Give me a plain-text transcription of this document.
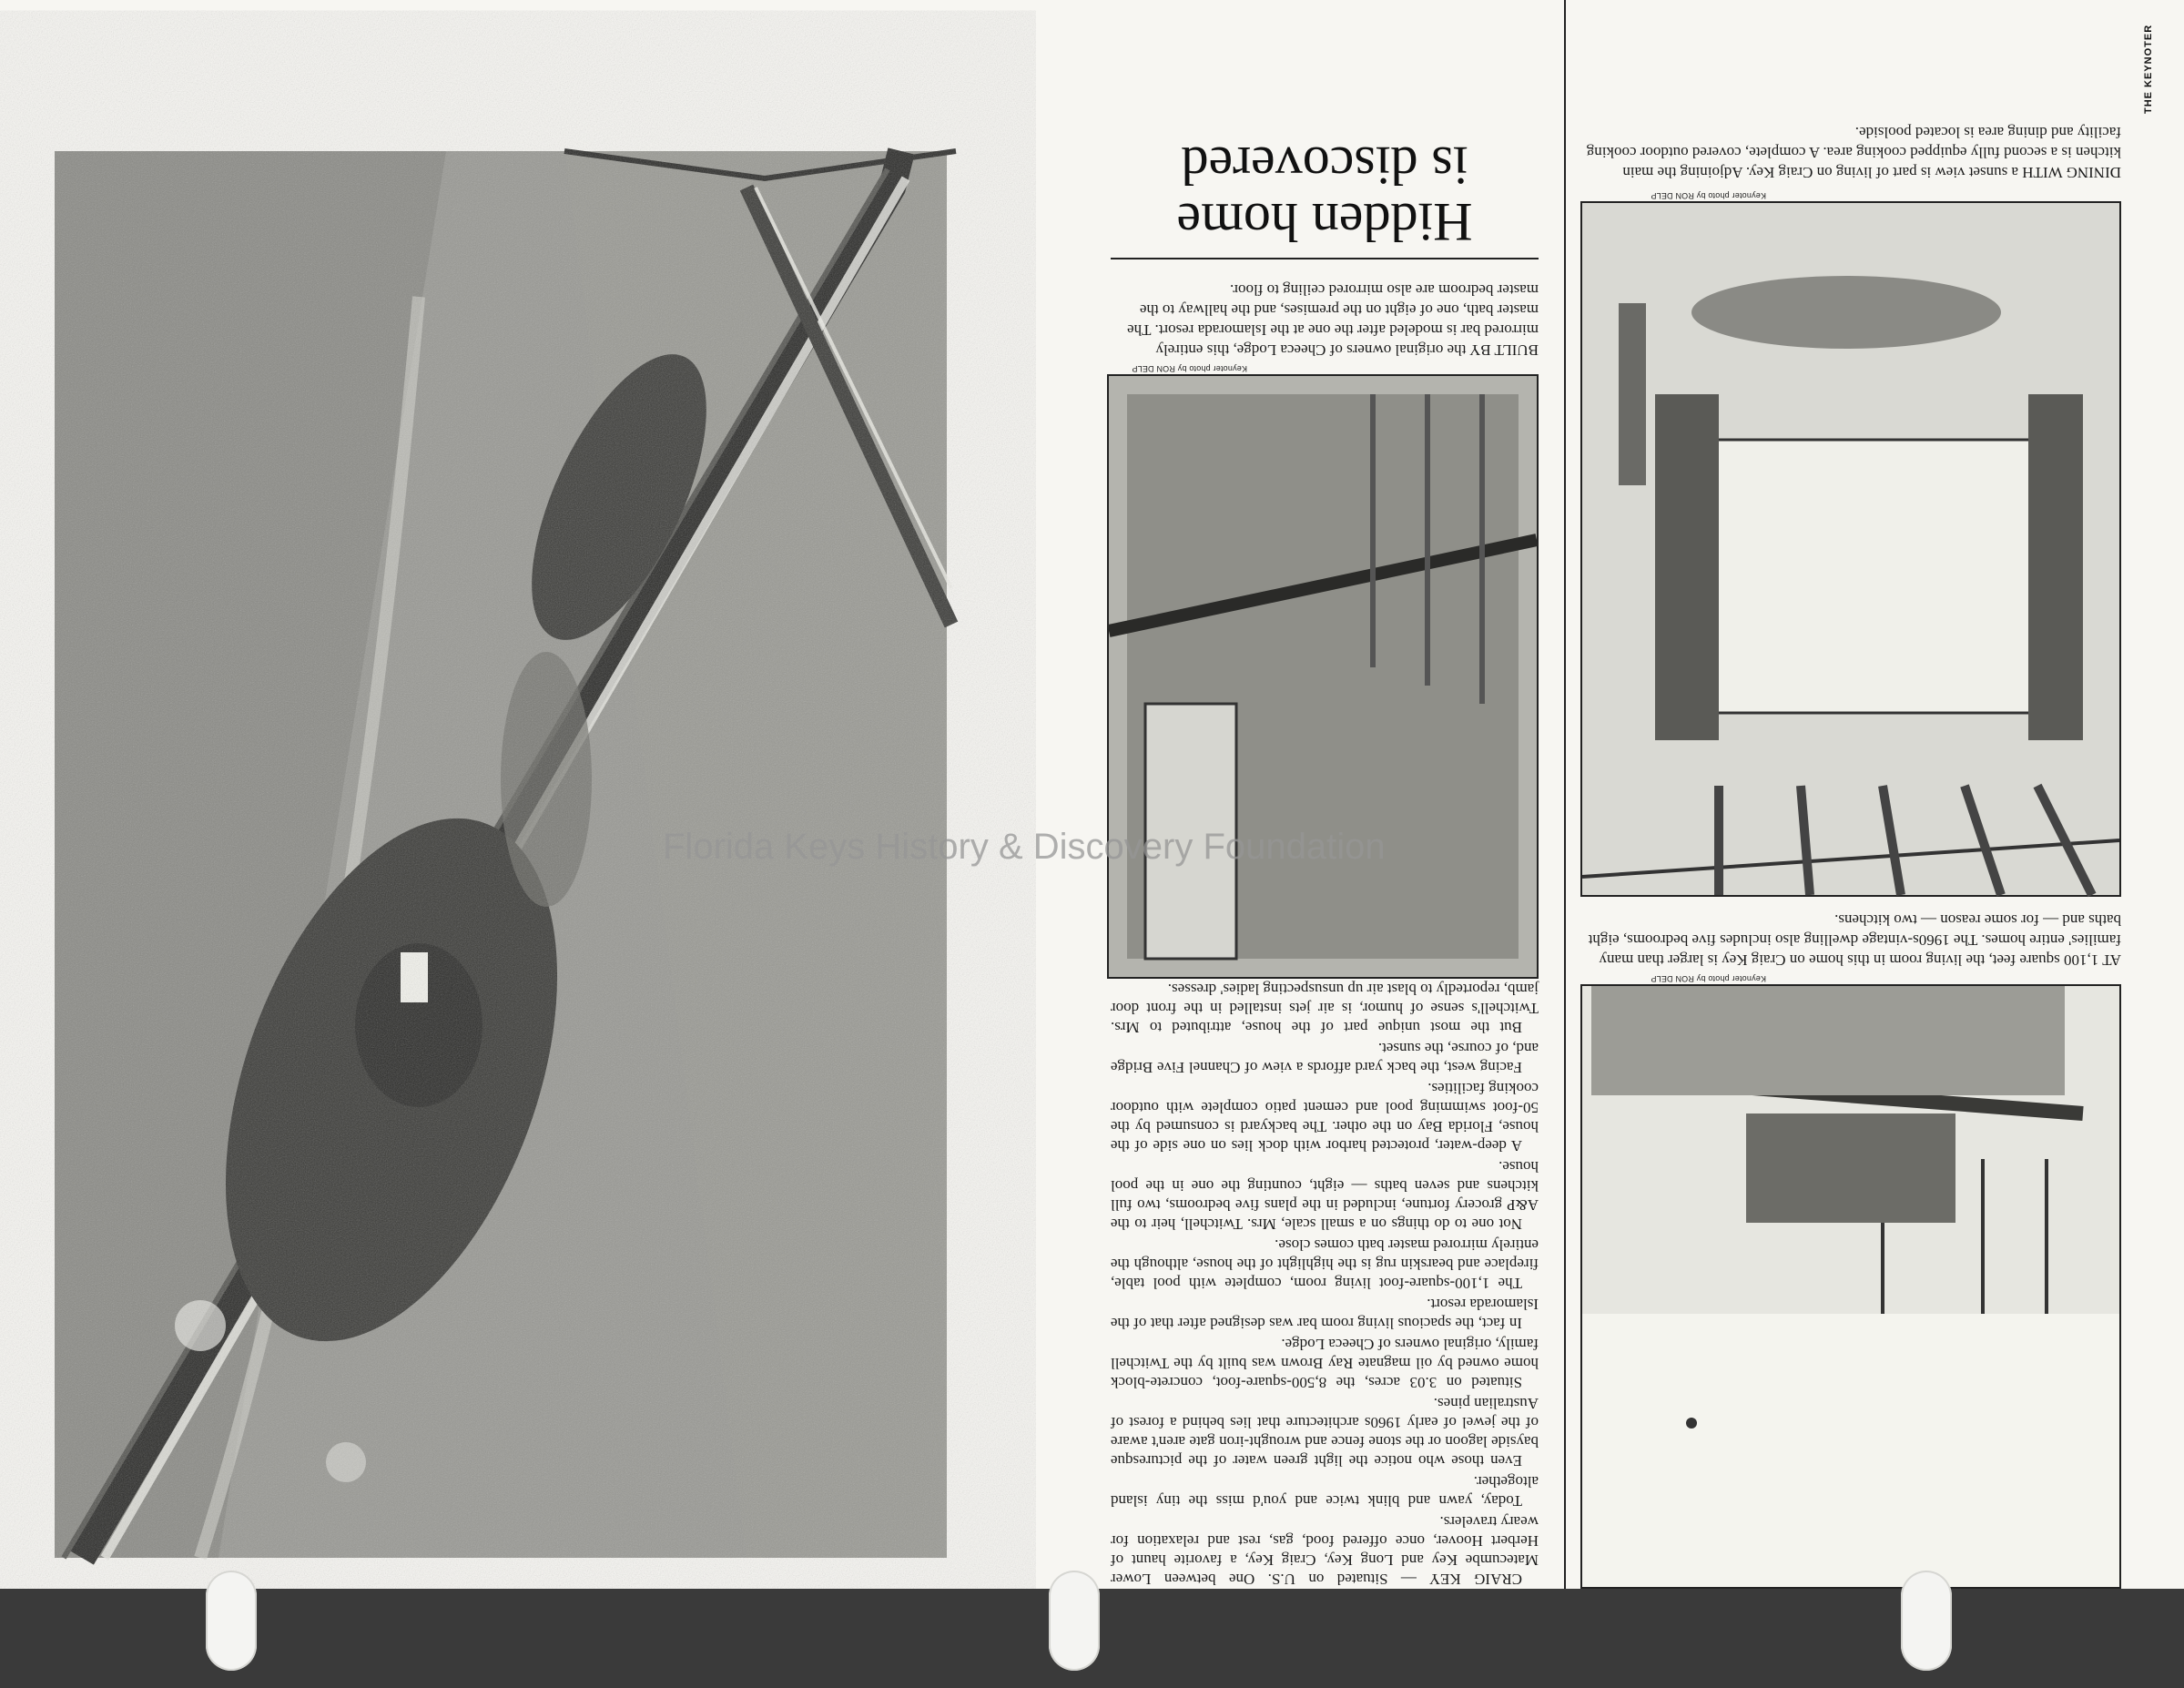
THE KEYNOTER
Keynoter photo by RON DELP
DINING WITH a sunset view is part of living on Craig Key. Adjoining the main kitchen is a second fully equipped cooking area. A complete, covered outdoor cooking facility and dining area is located poolside.
Keynoter photo by RON DELP
AT 1,100 square feet, the living room in this home on Craig Key is larger than many families' entire homes. The 1960s-vintage dwelling also includes five bedrooms, eight baths and — for some reason — two kitchens.
Keynoter photo by RON DELP
BUILT BY the original owners of Cheeca Lodge, this entirely mirrored bar is modeled after the one at the Islamorada resort. The master bath, one of eight on the premises, and the hallway to the master bedroom are also mirrored ceiling to floor.
Hidden home
is discovered

CRAIG KEY — Situated on U.S. One between Lower Matecumbe Key and Long Key, Craig Key, a favorite haunt of Herbert Hoover, once offered food, gas, rest and relaxation for weary travelers.

Today, yawn and blink twice and you'd miss the tiny island altogether.

Even those who notice the light green water of the picturesque bayside lagoon or the stone fence and wrought-iron gate aren't aware of the jewel of early 1960s architecture that lies behind a forest of Australian pines.

Situated on 3.03 acres, the 8,500-square-foot, concrete-block home owned by oil magnate Ray Brown was built by the Twitchell family, original owners of Cheeca Lodge.

In fact, the spacious living room bar was designed after that of the Islamorada resort.

The 1,100-square-foot living room, complete with pool table, fireplace and bearskin rug is the highlight of the house, although the entirely mirrored master bath comes close.

Not one to do things on a small scale, Mrs. Twitchell, heir to the A&P grocery fortune, included in the plans five bedrooms, two full kitchens and seven baths — eight, counting the one in the pool house.

A deep-water, protected harbor with dock lies on one side of the house, Florida Bay on the other. The backyard is consumed by the 50-foot swimming pool and cement patio complete with outdoor cooking facilities.

Facing west, the back yard affords a view of Channel Five Bridge and, of course, the sunset.

But the most unique part of the house, attributed to Mrs. Twitchell's sense of humor, is air jets installed in the front door jamb, reportedly to blast air up unsuspecting ladies' dresses.

Florida Keys History & Discovery Foundation
